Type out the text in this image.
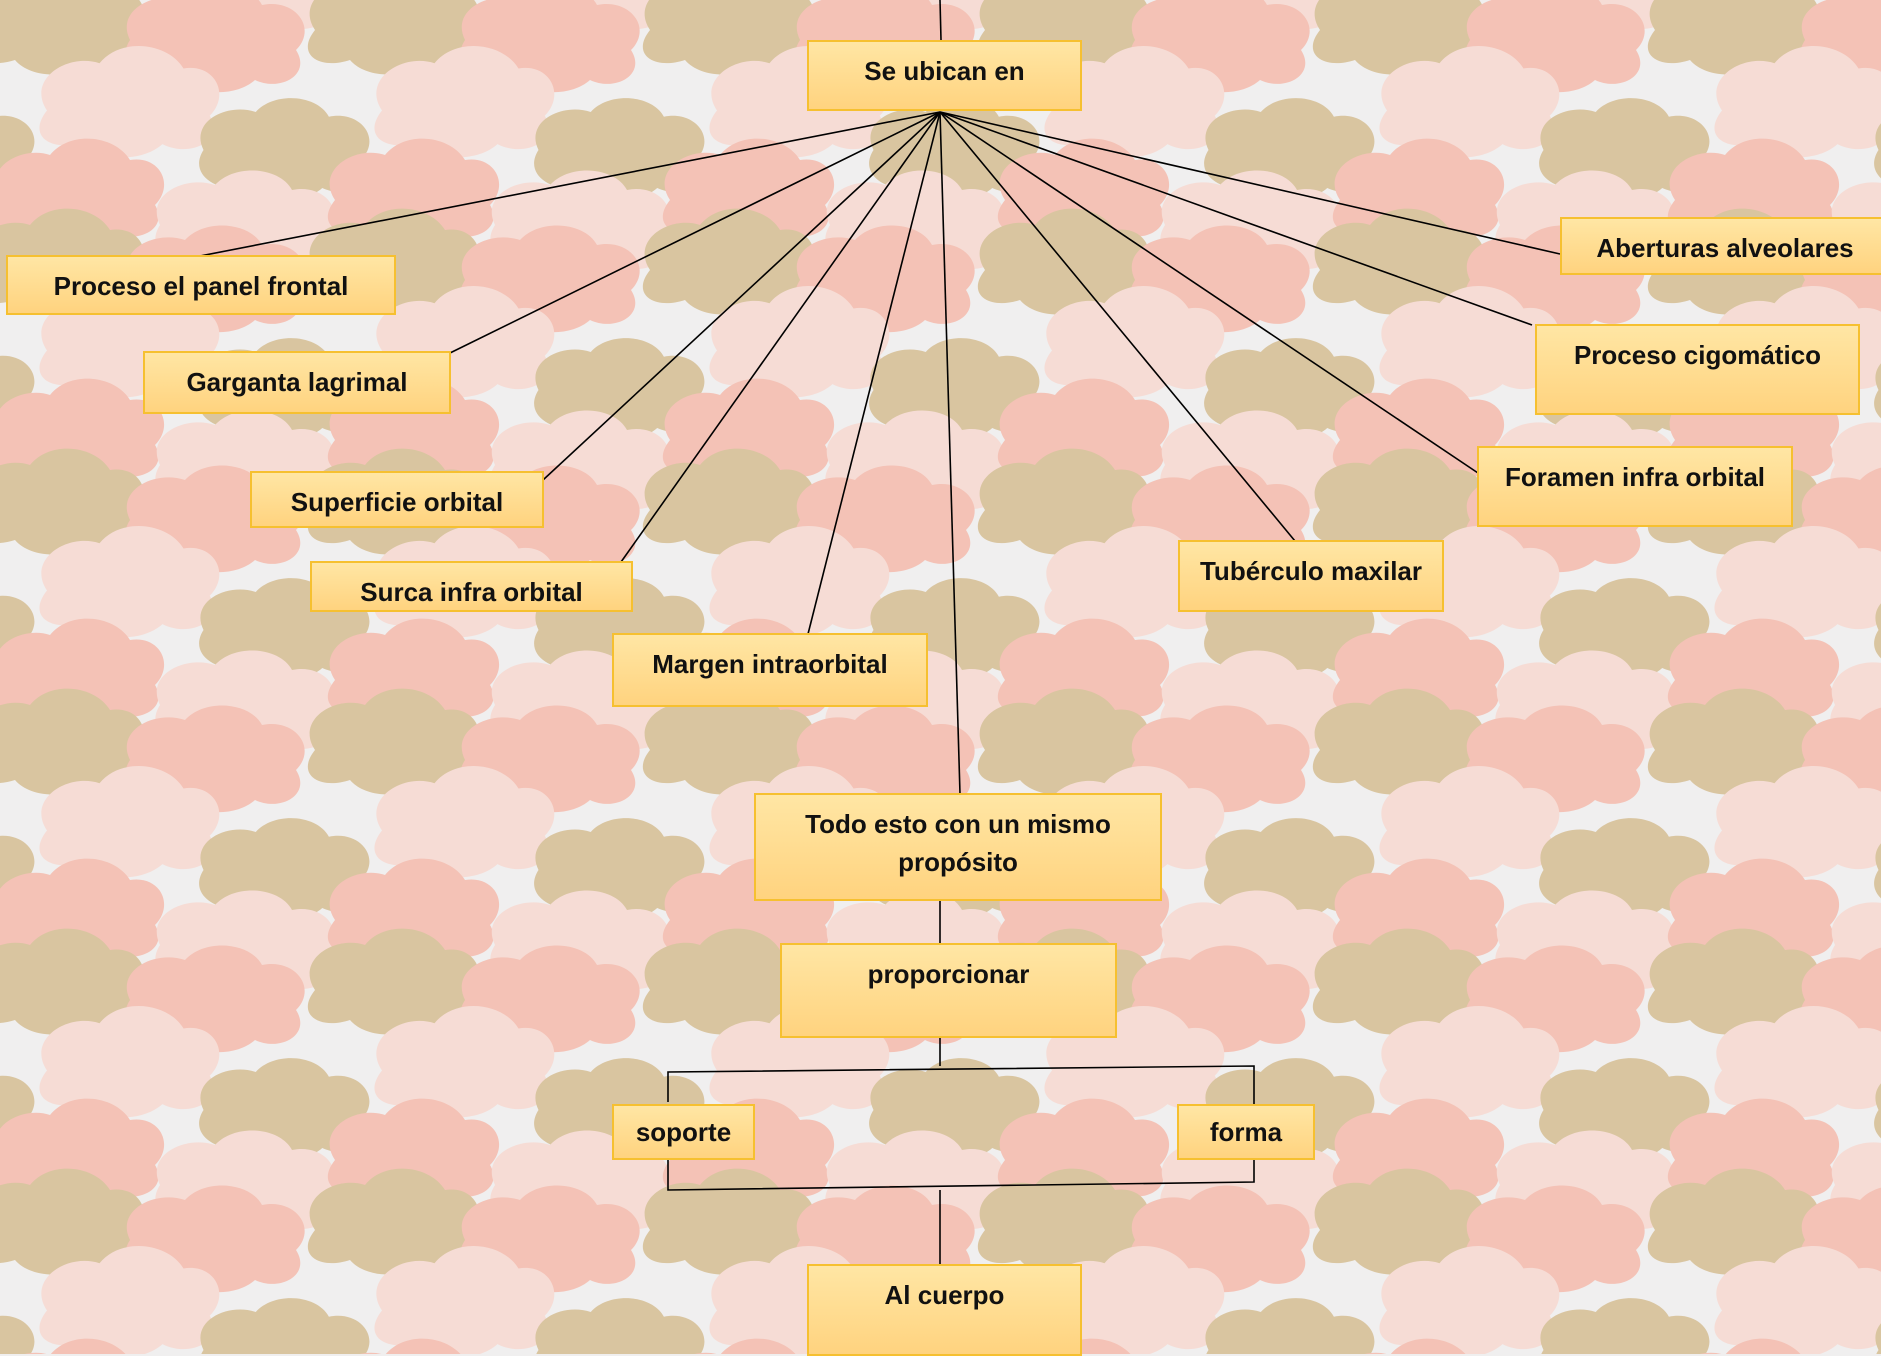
Se ubican en
Aberturas alveolares
Proceso el panel frontal
Garganta lagrimal
Proceso cigomático
Superficie orbital
Foramen infra orbital
Surca infra orbital
Tubérculo maxilar
Margen intraorbital
Todo esto con un mismo propósito
proporcionar
soporte	forma
Al cuerpo
